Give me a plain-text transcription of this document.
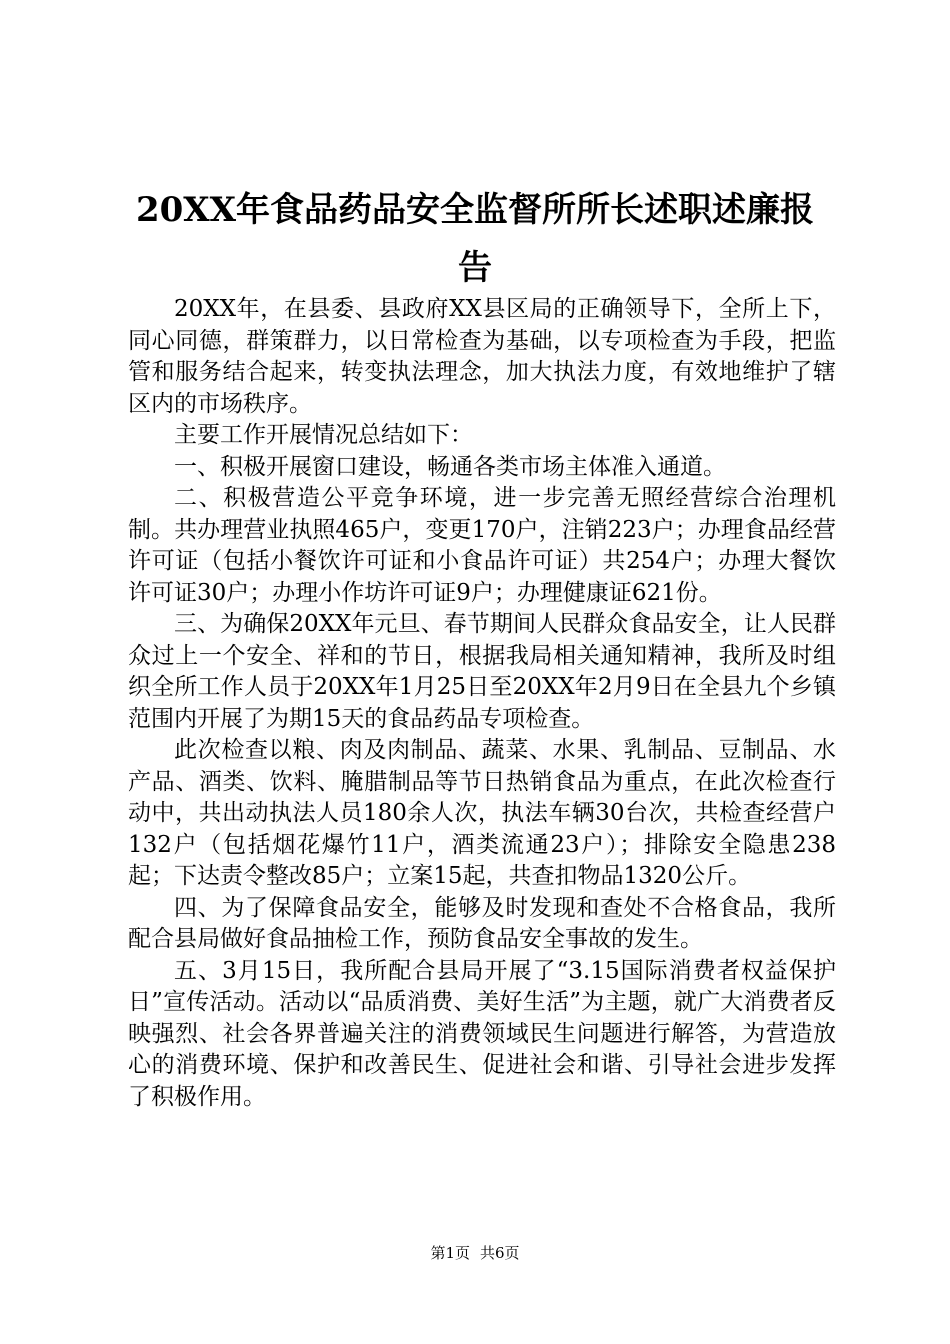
20XX年食品药品安全监督所所长述职述廉报
告

20XX年，在县委、县政府XX县区局的正确领导下，全所上下，同心同德，群策群力，以日常检查为基础，以专项检查为手段，把监管和服务结合起来，转变执法理念，加大执法力度，有效地维护了辖区内的市场秩序。

主要工作开展情况总结如下：

一、积极开展窗口建设，畅通各类市场主体准入通道。

二、积极营造公平竞争环境，进一步完善无照经营综合治理机制。共办理营业执照465户，变更170户，注销223户；办理食品经营许可证（包括小餐饮许可证和小食品许可证）共254户；办理大餐饮许可证30户；办理小作坊许可证9户；办理健康证621份。

三、为确保20XX年元旦、春节期间人民群众食品安全，让人民群众过上一个安全、祥和的节日，根据我局相关通知精神，我所及时组织全所工作人员于20XX年1月25日至20XX年2月9日在全县九个乡镇范围内开展了为期15天的食品药品专项检查。

此次检查以粮、肉及肉制品、蔬菜、水果、乳制品、豆制品、水产品、酒类、饮料、腌腊制品等节日热销食品为重点，在此次检查行动中，共出动执法人员180余人次，执法车辆30台次，共检查经营户132户（包括烟花爆竹11户，酒类流通23户）；排除安全隐患238起；下达责令整改85户；立案15起，共查扣物品1320公斤。

四、为了保障食品安全，能够及时发现和查处不合格食品，我所配合县局做好食品抽检工作，预防食品安全事故的发生。

五、3月15日，我所配合县局开展了“3.15国际消费者权益保护日”宣传活动。活动以“品质消费、美好生活”为主题，就广大消费者反映强烈、社会各界普遍关注的消费领域民生问题进行解答，为营造放心的消费环境、保护和改善民生、促进社会和谐、引导社会进步发挥了积极作用。

第1页 共6页
